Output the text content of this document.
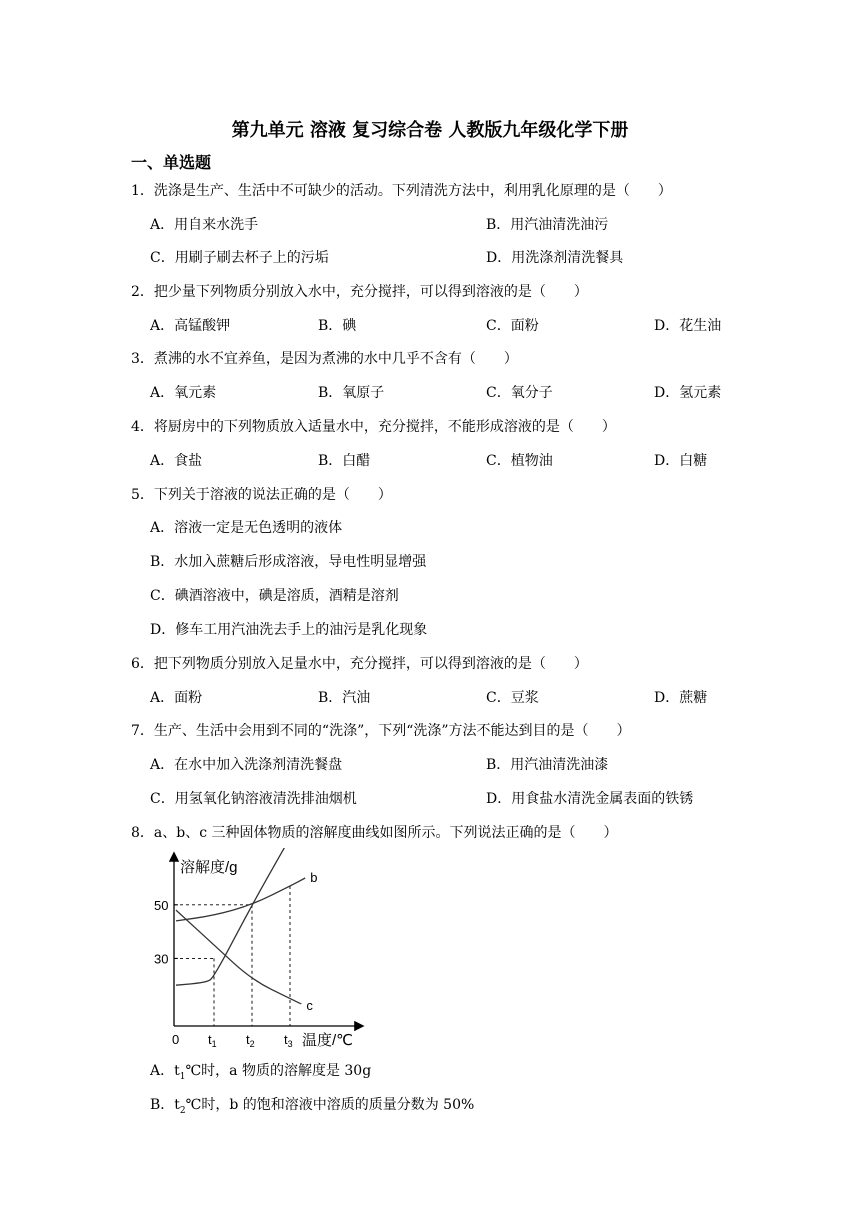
第九单元 溶液 复习综合卷 人教版九年级化学下册
一、单选题
1．洗涤是生产、生活中不可缺少的活动。下列清洗方法中，利用乳化原理的是（　　）
A．用自来水洗手	B．用汽油清洗油污
C．用刷子刷去杯子上的污垢	D．用洗涤剂清洗餐具
2．把少量下列物质分别放入水中，充分搅拌，可以得到溶液的是（　　）
A．高锰酸钾	B．碘	C．面粉	D．花生油
3．煮沸的水不宜养鱼，是因为煮沸的水中几乎不含有（　　）
A．氧元素	B．氧原子	C．氧分子	D．氢元素
4．将厨房中的下列物质放入适量水中，充分搅拌，不能形成溶液的是（　　）
A．食盐	B．白醋	C．植物油	D．白糖
5．下列关于溶液的说法正确的是（　　）
A．溶液一定是无色透明的液体
B．水加入蔗糖后形成溶液，导电性明显增强
C．碘酒溶液中，碘是溶质，酒精是溶剂
D．修车工用汽油洗去手上的油污是乳化现象
6．把下列物质分别放入足量水中，充分搅拌，可以得到溶液的是（　　）
A．面粉	B．汽油	C．豆浆	D．蔗糖
7．生产、生活中会用到不同的“洗涤”，下列“洗涤”方法不能达到目的是（　　）
A．在水中加入洗涤剂清洗餐盘	B．用汽油清洗油漆
C．用氢氧化钠溶液清洗排油烟机	D．用食盐水清洗金属表面的铁锈
8．a、b、c 三种固体物质的溶解度曲线如图所示。下列说法正确的是（　　）
b
c
溶解度/g
温度/℃
0
50
30
$t_1$ $t_2$ $t_3$
A．$t_1℃$时，a 物质的溶解度是 30g
B．$t_2℃$时，b 的饱和溶液中溶质的质量分数为 50%
